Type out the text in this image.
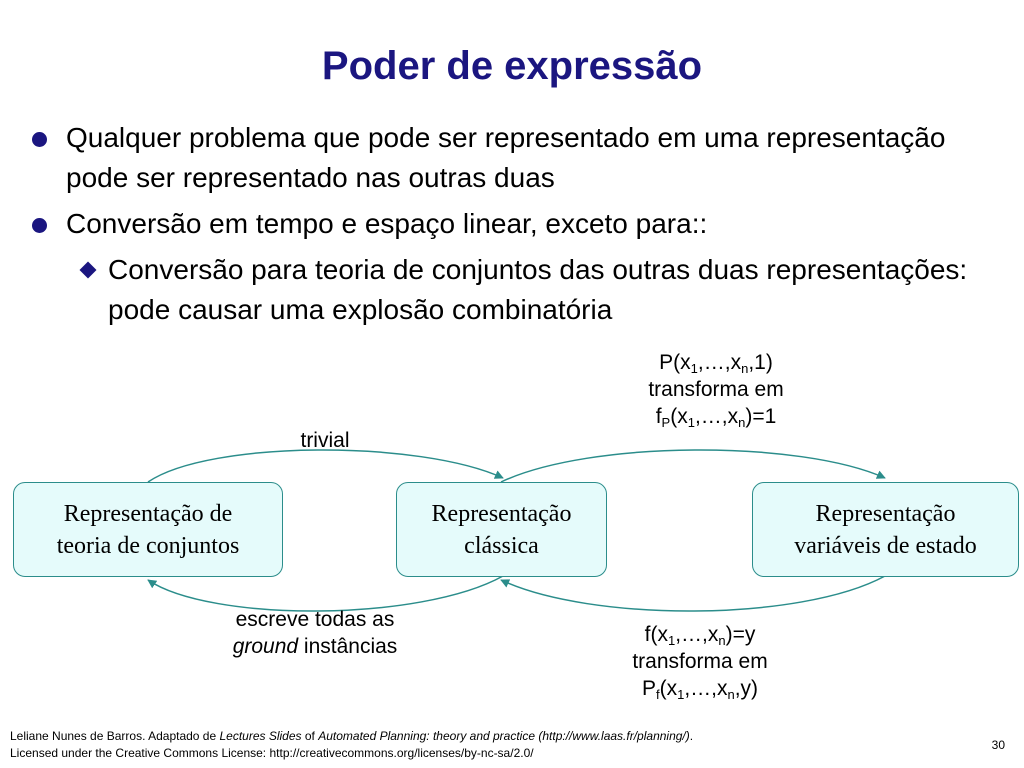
Poder de expressão
Qualquer problema que pode ser representado em uma representação pode ser representado nas outras duas
Conversão em tempo e espaço linear, exceto para::
Conversão para teoria de conjuntos das outras duas representações: pode causar uma explosão combinatória
Representação de
teoria de conjuntos
Representação
clássica
Representação
variáveis de estado
trivial
escreve todas as
ground instâncias
$P(x_1,\dots,x_n,1)$
transforma em
$f_P(x_1,\dots,x_n)=1$
$f(x_1,\dots,x_n)=y$
transforma em
$P_f(x_1,\dots,x_n,y)$
Leliane Nunes de Barros. Adaptado de Lectures Slides of Automated Planning: theory and practice (http://www.laas.fr/planning/).
Licensed under the Creative Commons License: http://creativecommons.org/licenses/by-nc-sa/2.0/
30
